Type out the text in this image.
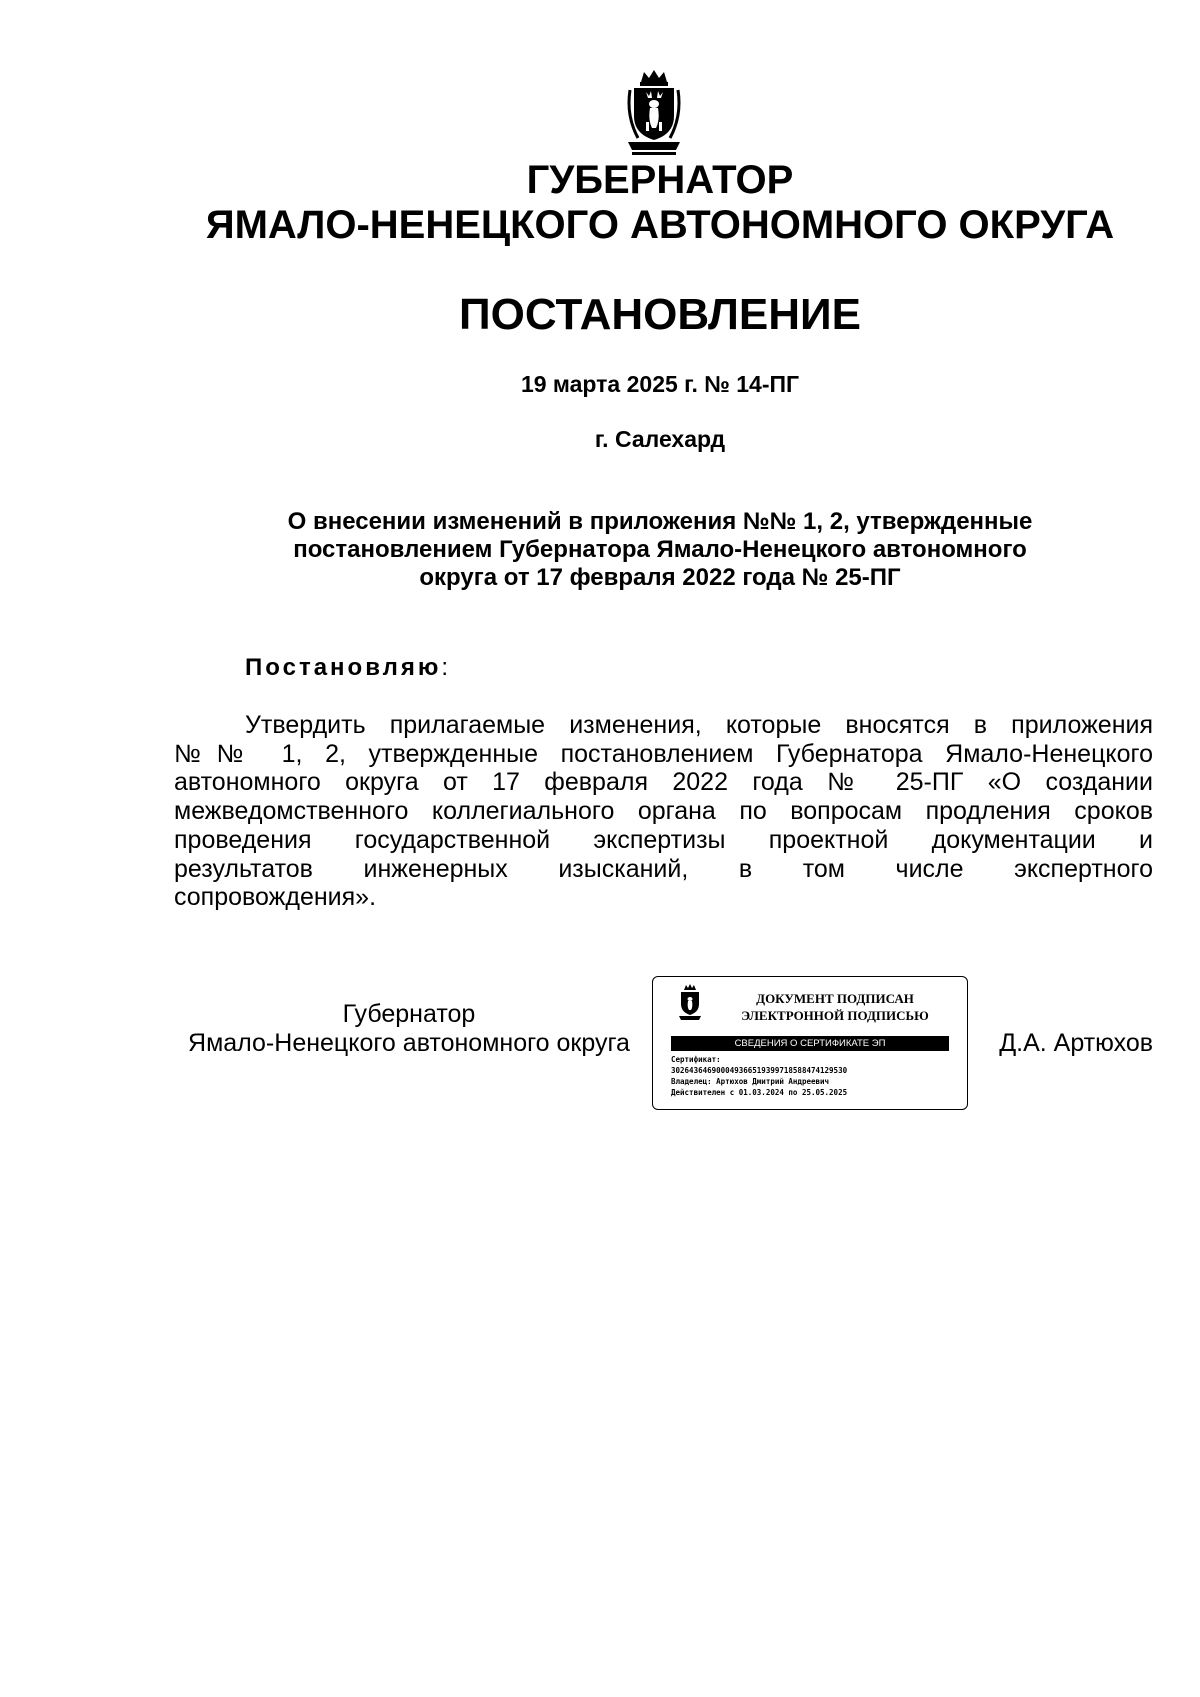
ГУБЕРНАТОР
ЯМАЛО-НЕНЕЦКОГО АВТОНОМНОГО ОКРУГА
ПОСТАНОВЛЕНИЕ
19 марта 2025 г. № 14-ПГ
г. Салехард
О внесении изменений в приложения №№ 1, 2, утвержденные
постановлением Губернатора Ямало-Ненецкого автономного
округа от 17 февраля 2022 года № 25-ПГ
Постановляю:
Утвердить прилагаемые изменения, которые вносятся в приложения
№№ 1, 2, утвержденные постановлением Губернатора Ямало-Ненецкого
автономного округа от 17 февраля 2022 года № 25-ПГ «О создании
межведомственного коллегиального органа по вопросам продления сроков
проведения государственной экспертизы проектной документации и
результатов инженерных изысканий, в том числе экспертного
сопровождения».
Губернатор
Ямало-Ненецкого автономного округа
ДОКУМЕНТ ПОДПИСАН
ЭЛЕКТРОННОЙ ПОДПИСЬЮ
СВЕДЕНИЯ О СЕРТИФИКАТЕ ЭП
Сертификат:
302643646900049366519399718588474129530
Владелец: Артюхов Дмитрий Андреевич
Действителен с 01.03.2024 по 25.05.2025
Д.А. Артюхов
